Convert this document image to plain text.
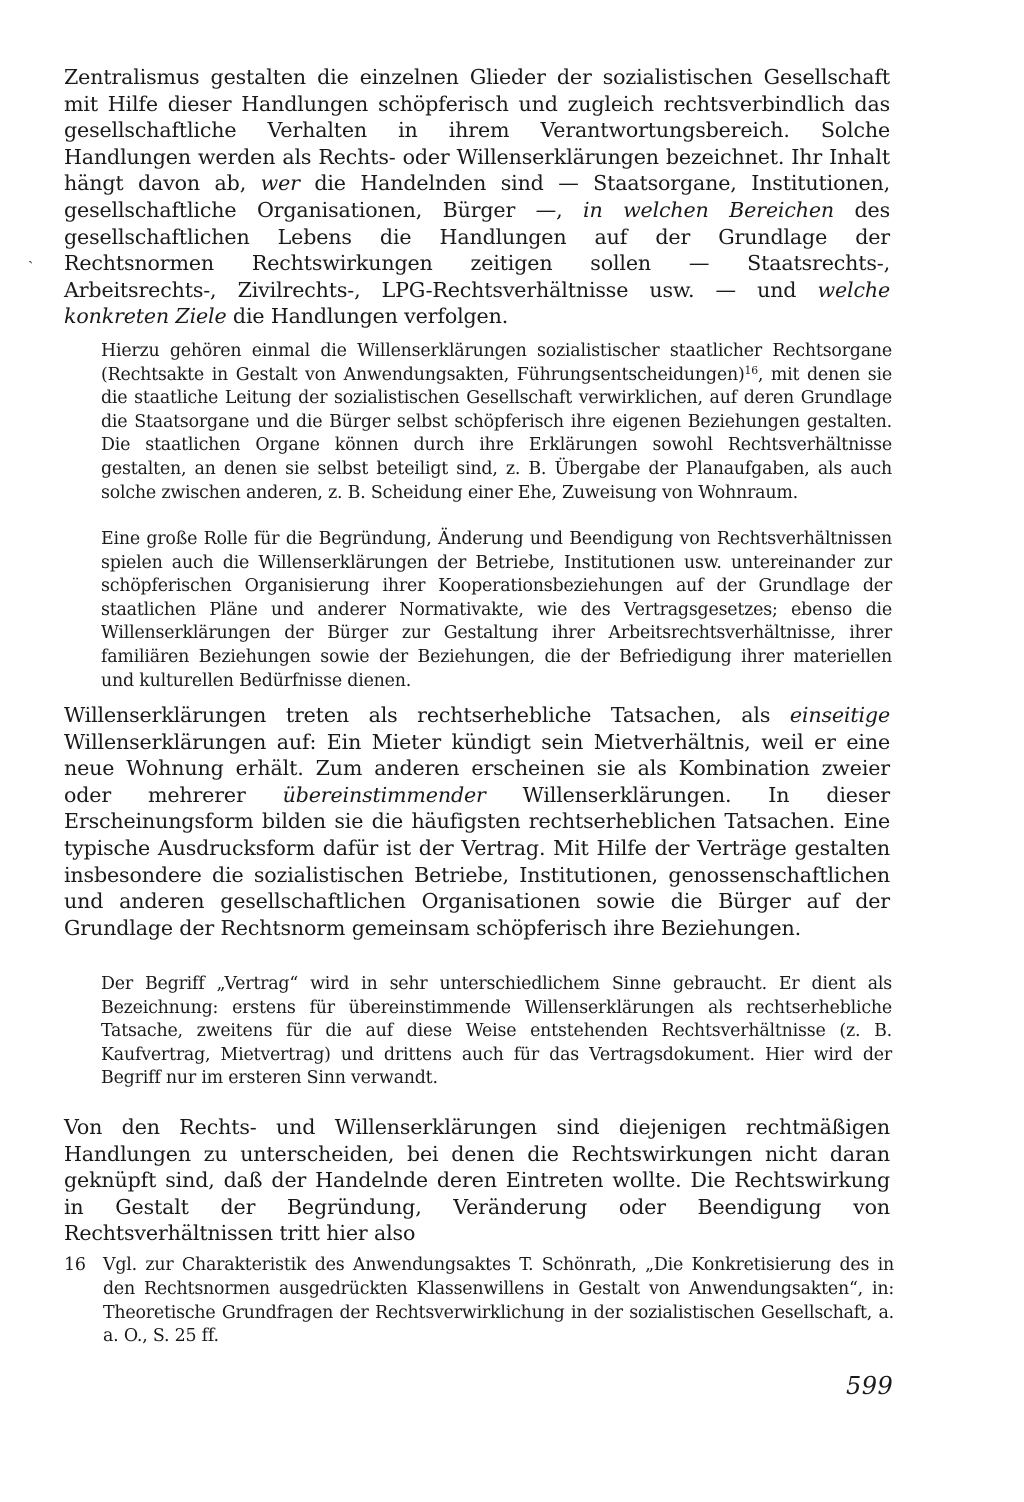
ˏ

Zentralismus gestalten die einzelnen Glieder der sozialistischen Gesellschaft mit Hilfe dieser Handlungen schöpferisch und zugleich rechtsverbindlich das gesellschaftliche Verhalten in ihrem Verantwortungsbereich. Solche Handlungen werden als Rechts- oder Willenserklärungen bezeichnet. Ihr Inhalt hängt davon ab, wer die Handelnden sind — Staatsorgane, Institutionen, gesellschaftliche Organisationen, Bürger —, in welchen Bereichen des gesellschaftlichen Lebens die Handlungen auf der Grundlage der Rechtsnormen Rechtswirkungen zeitigen sollen — Staatsrechts-, Arbeitsrechts-, Zivilrechts-, LPG-Rechtsverhältnisse usw. — und welche konkreten Ziele die Handlungen verfolgen.

Hierzu gehören einmal die Willenserklärungen sozialistischer staatlicher Rechtsorgane (Rechtsakte in Gestalt von Anwendungsakten, Führungsentscheidungen)$^{16}$, mit denen sie die staatliche Leitung der sozialistischen Gesellschaft verwirklichen, auf deren Grundlage die Staatsorgane und die Bürger selbst schöpferisch ihre eigenen Beziehungen gestalten. Die staatlichen Organe können durch ihre Erklärungen sowohl Rechtsverhältnisse gestalten, an denen sie selbst beteiligt sind, z. B. Übergabe der Planaufgaben, als auch solche zwischen anderen, z. B. Scheidung einer Ehe, Zuweisung von Wohnraum.

Eine große Rolle für die Begründung, Änderung und Beendigung von Rechtsverhältnissen spielen auch die Willenserklärungen der Betriebe, Institutionen usw. untereinander zur schöpferischen Organisierung ihrer Kooperationsbeziehungen auf der Grundlage der staatlichen Pläne und anderer Normativakte, wie des Vertragsgesetzes; ebenso die Willenserklärungen der Bürger zur Gestaltung ihrer Arbeitsrechtsverhältnisse, ihrer familiären Beziehungen sowie der Beziehungen, die der Befriedigung ihrer materiellen und kulturellen Bedürfnisse dienen.

Willenserklärungen treten als rechtserhebliche Tatsachen, als einseitige Willenserklärungen auf: Ein Mieter kündigt sein Mietverhältnis, weil er eine neue Wohnung erhält. Zum anderen erscheinen sie als Kombination zweier oder mehrerer übereinstimmender Willenserklärungen. In dieser Erscheinungsform bilden sie die häufigsten rechtserheblichen Tatsachen. Eine typische Ausdrucksform dafür ist der Vertrag. Mit Hilfe der Verträge gestalten insbesondere die sozialistischen Betriebe, Institutionen, genossenschaftlichen und anderen gesellschaftlichen Organisationen sowie die Bürger auf der Grundlage der Rechtsnorm gemeinsam schöpferisch ihre Beziehungen.

Der Begriff „Vertrag“ wird in sehr unterschiedlichem Sinne gebraucht. Er dient als Bezeichnung: erstens für übereinstimmende Willenserklärungen als rechtserhebliche Tatsache, zweitens für die auf diese Weise entstehenden Rechtsverhältnisse (z. B. Kaufvertrag, Mietvertrag) und drittens auch für das Vertragsdokument. Hier wird der Begriff nur im ersteren Sinn verwandt.

Von den Rechts- und Willenserklärungen sind diejenigen rechtmäßigen Handlungen zu unterscheiden, bei denen die Rechtswirkungen nicht daran geknüpft sind, daß der Handelnde deren Eintreten wollte. Die Rechtswirkung in Gestalt der Begründung, Veränderung oder Beendigung von Rechtsverhältnissen tritt hier also

16 Vgl. zur Charakteristik des Anwendungsaktes T. Schönrath, „Die Konkretisierung des in den Rechtsnormen ausgedrückten Klassenwillens in Gestalt von Anwendungsakten“, in: Theoretische Grundfragen der Rechtsverwirklichung in der sozialistischen Gesellschaft, a. a. O., S. 25 ff.
599
